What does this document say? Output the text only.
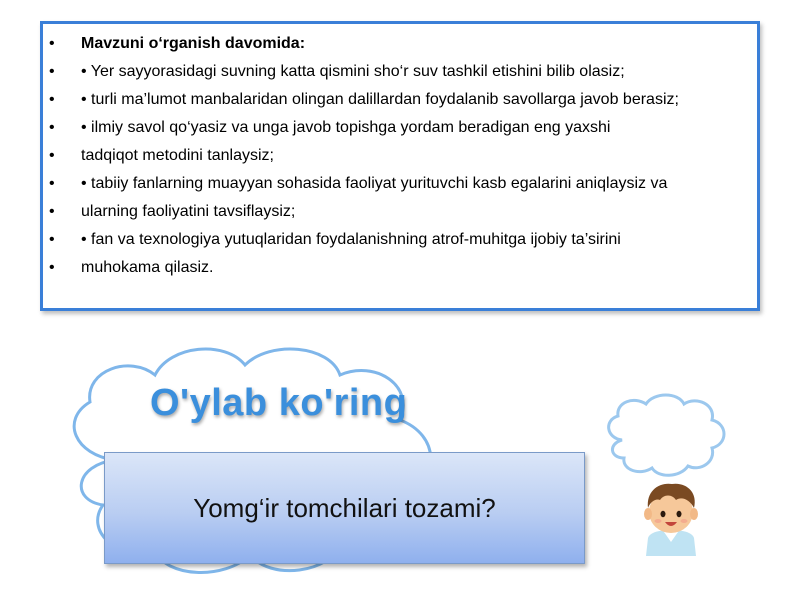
• Mavzuni o‘rganish davomida:
• • Yer sayyorasidagi suvning katta qismini sho‘r suv tashkil etishini bilib olasiz;
• • turli ma’lumot manbalaridan olingan dalillardan foydalanib savollarga javob berasiz;
• • ilmiy savol qo‘yasiz va unga javob topishga yordam beradigan eng yaxshi
• tadqiqot metodini tanlaysiz;
• • tabiiy fanlarning muayyan sohasida faoliyat yurituvchi kasb egalarini aniqlaysiz va
• ularning faoliyatini tavsiflaysiz;
• • fan va texnologiya yutuqlaridan foydalanishning atrof-muhitga ijobiy ta’sirini
• muhokama qilasiz.
O'ylab ko'ring
Yomg‘ir tomchilari tozami?
